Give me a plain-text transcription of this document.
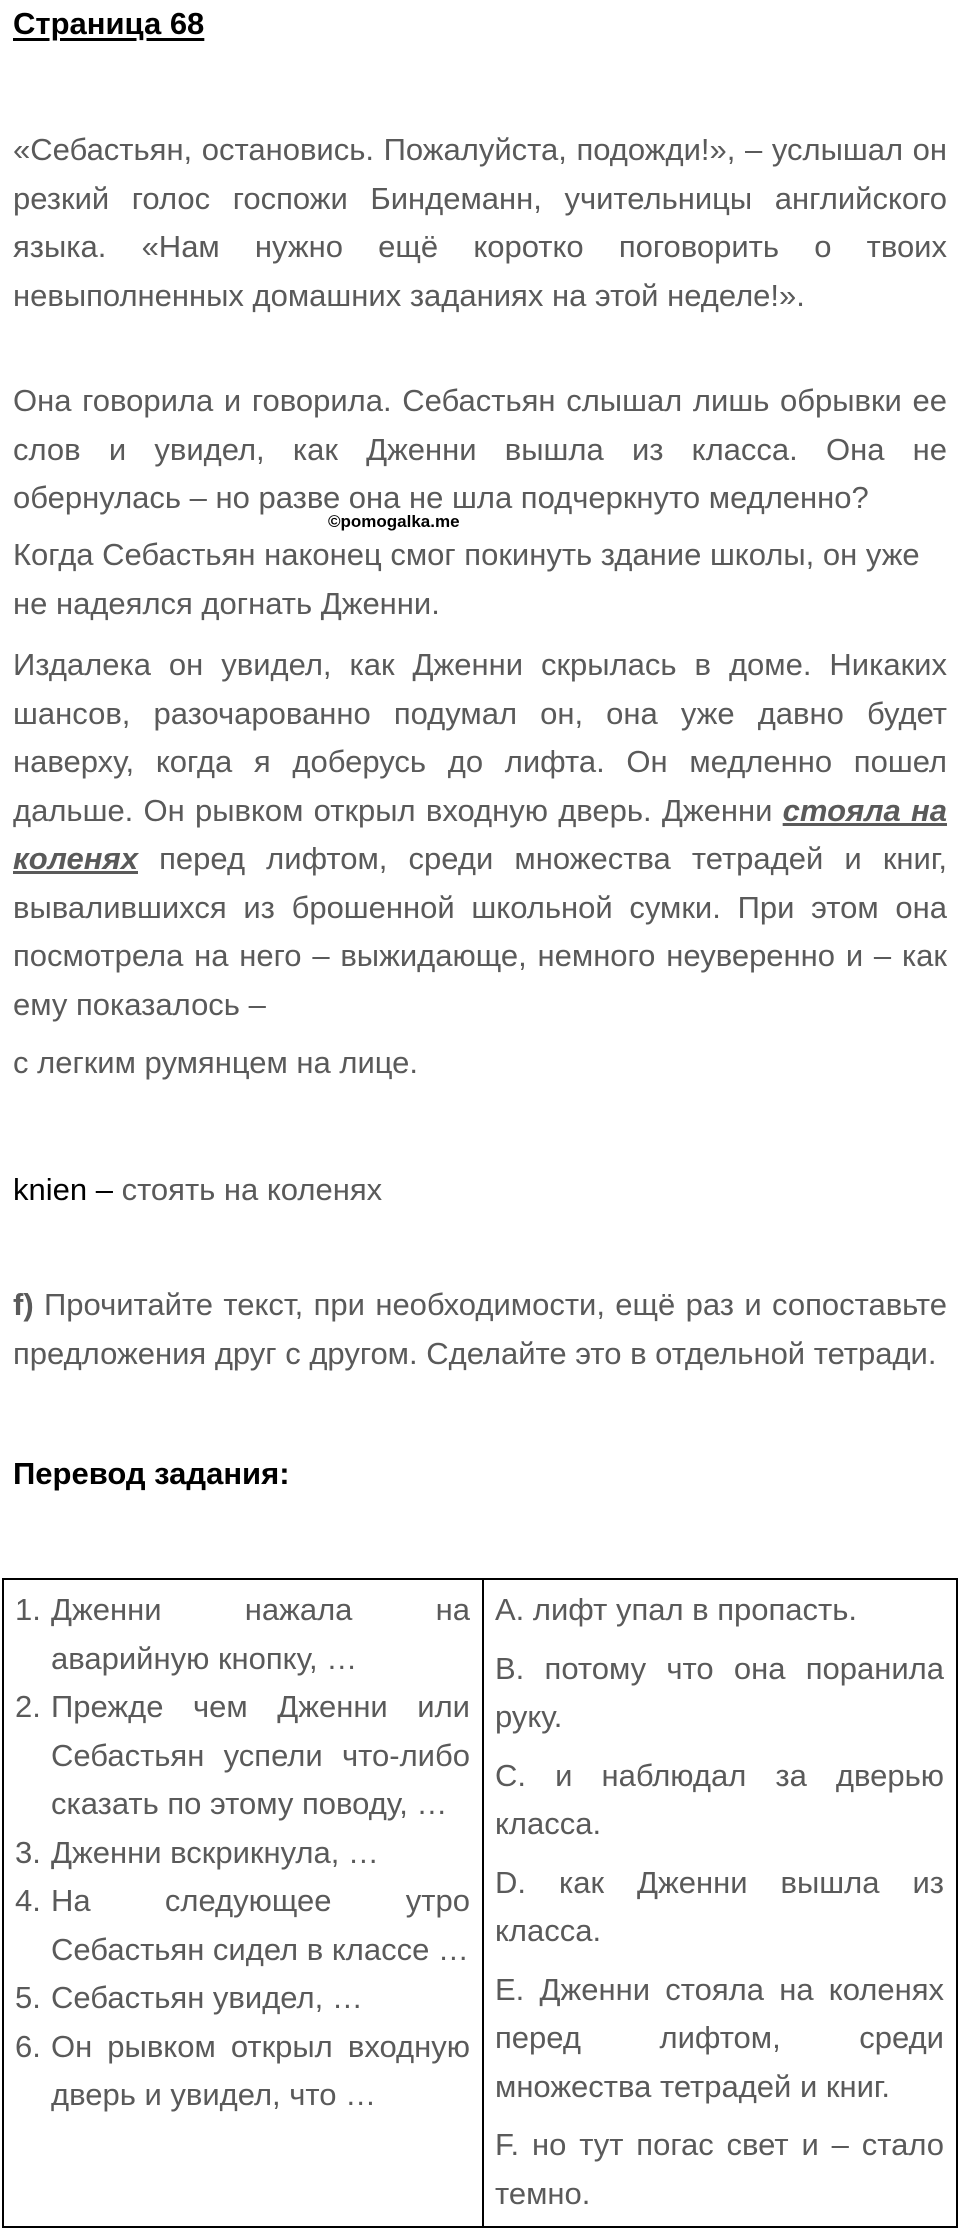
Страница 68

«Себастьян, остановись. Пожалуйста, подожди!», – услышал он резкий голос госпожи Биндеманн, учительницы английского языка. «Нам нужно ещё коротко поговорить о твоих невыполненных домашних заданиях на этой неделе!».

Она говорила и говорила. Себастьян слышал лишь обрывки ее слов и увидел, как Дженни вышла из класса. Она не обернулась – но разве она не шла подчеркнуто медленно?

©pomogalka.me

Когда Себастьян наконец смог покинуть здание школы, он уже не надеялся догнать Дженни.

Издалека он увидел, как Дженни скрылась в доме. Никаких шансов, разочарованно подумал он, она уже давно будет наверху, когда я доберусь до лифта. Он медленно пошел дальше. Он рывком открыл входную дверь. Дженни стояла на коленях перед лифтом, среди множества тетрадей и книг, вывалившихся из брошенной школьной сумки. При этом она посмотрела на него – выжидающе, немного неуверенно и – как ему показалось –

с легким румянцем на лице.

knien – стоять на коленях

f) Прочитайте текст, при необходимости, ещё раз и сопоставьте предложения друг с другом. Сделайте это в отдельной тетради.

Перевод задания:

1. Дженни нажала на аварийную кнопку, …
2. Прежде чем Дженни или Себастьян успели что-либо сказать по этому поводу, …
3. Дженни вскрикнула, …
4. На следующее утро Себастьян сидел в классе …
5. Себастьян увидел, …
6. Он рывком открыл входную дверь и увидел, что …

A. лифт упал в пропасть.

B. потому что она поранила руку.

C. и наблюдал за дверью класса.

D. как Дженни вышла из класса.

E. Дженни стояла на коленях перед лифтом, среди множества тетрадей и книг.

F. но тут погас свет и – стало темно.
